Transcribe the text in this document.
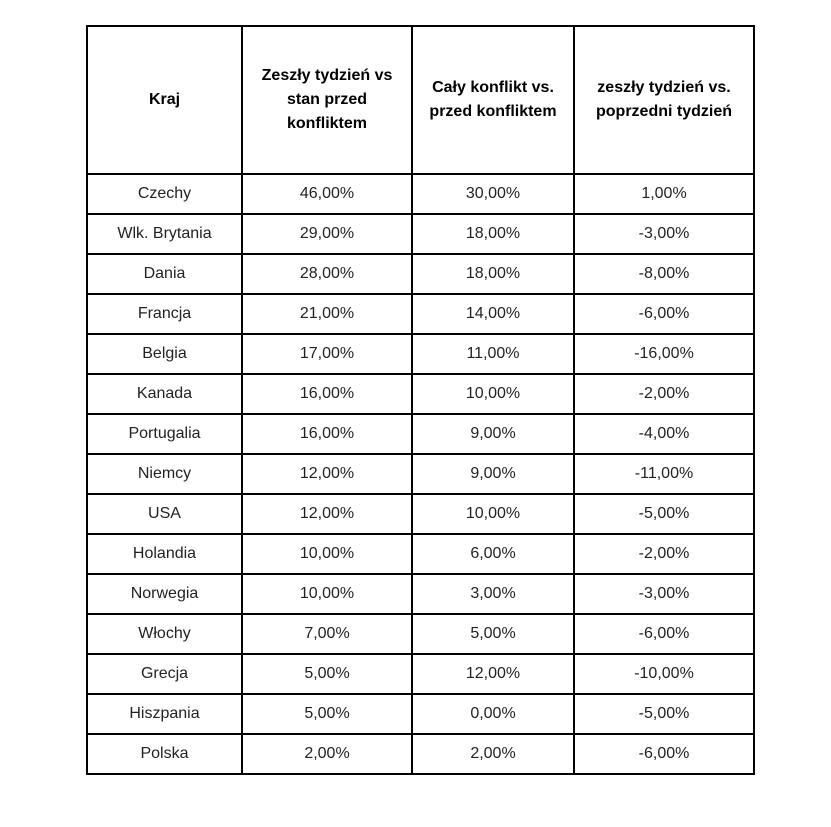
Kraj	Zeszły tydzień vs stan przed konfliktem	Cały konflikt vs. przed konfliktem	zeszły tydzień vs. poprzedni tydzień
Czechy	46,00%	30,00%	1,00%
Wlk. Brytania	29,00%	18,00%	-3,00%
Dania	28,00%	18,00%	-8,00%
Francja	21,00%	14,00%	-6,00%
Belgia	17,00%	11,00%	-16,00%
Kanada	16,00%	10,00%	-2,00%
Portugalia	16,00%	9,00%	-4,00%
Niemcy	12,00%	9,00%	-11,00%
USA	12,00%	10,00%	-5,00%
Holandia	10,00%	6,00%	-2,00%
Norwegia	10,00%	3,00%	-3,00%
Włochy	7,00%	5,00%	-6,00%
Grecja	5,00%	12,00%	-10,00%
Hiszpania	5,00%	0,00%	-5,00%
Polska	2,00%	2,00%	-6,00%
